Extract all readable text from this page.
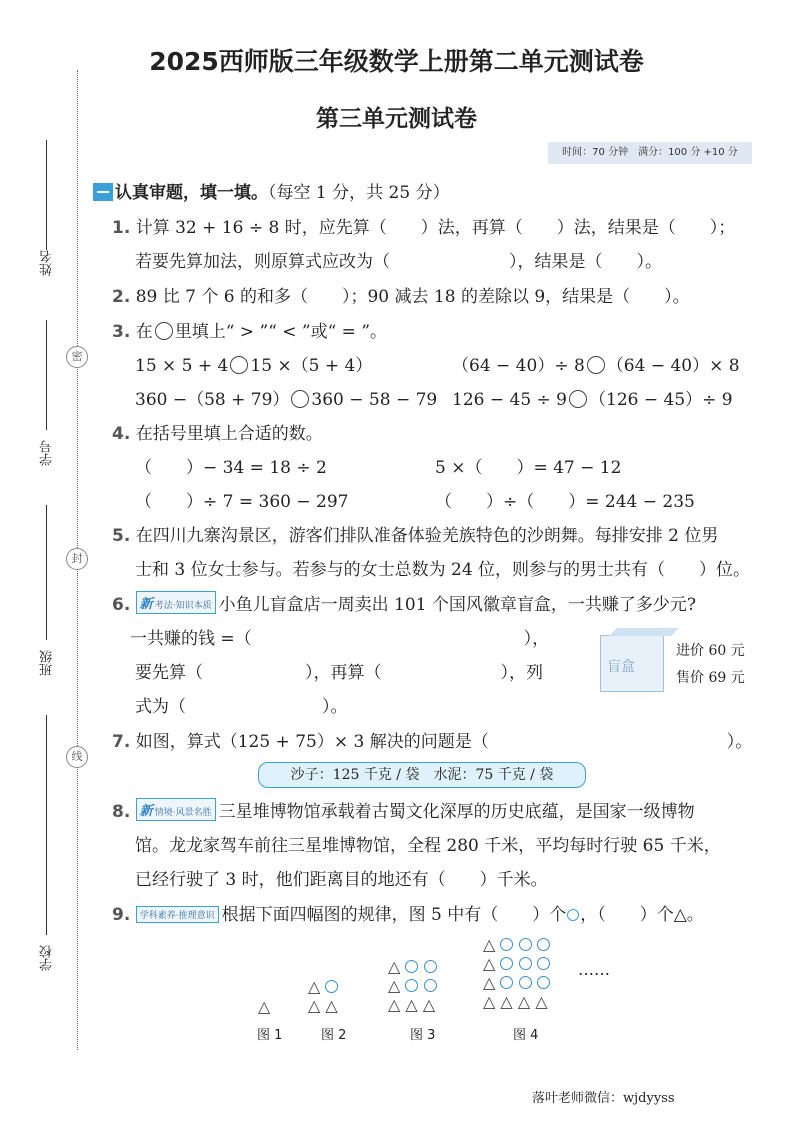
2025西师版三年级数学上册第二单元测试卷
第三单元测试卷
时间：70 分钟　满分：100 分 +10 分
姓名
学号
班级
学校
密
封
线
认真审题，填一填。（每空 1 分，共 25 分）
1. 计算 32 + 16 ÷ 8 时，应先算（　　）法，再算（　　）法，结果是（　　）；
若要先算加法，则原算式应改为（　　　　　　　），结果是（　　）。
2. 89 比 7 个 6 的和多（　　）；90 减去 18 的差除以 9，结果是（　　）。
3. 在 里填上“ > ”“ < ”或“ = ”。
15 × 5 + 4 15 ×（5 + 4）	（64 − 40）÷ 8 （64 − 40）× 8
360 −（58 + 79） 360 − 58 − 79 126 − 45 ÷ 9 （126 − 45）÷ 9
4. 在括号里填上合适的数。
（　　）− 34 = 18 ÷ 2	5 ×（　　）= 47 − 12
（　　）÷ 7 = 360 − 297	（　　）÷（　　）= 244 − 235
5. 在四川九寨沟景区，游客们排队准备体验羌族特色的沙朗舞。每排安排 2 位男
士和 3 位女士参与。若参与的女士总数为 24 位，则参与的男士共有（　　）位。
6. 新 考法·知识本质 小鱼儿盲盒店一周卖出 101 个国风徽章盲盒，一共赚了多少元?
一共赚的钱 =（　　　　　　　　　　　　　　　　），
要先算（　　　　　　），再算（　　　　　　　），列
式为（　　　　　　　　）。
盲盒
进价 60 元
售价 69 元
7. 如图，算式（125 + 75）× 3 解决的问题是（　　　　　　　　　　　　　　）。
沙子：125 千克 / 袋　水泥：75 千克 / 袋
8. 新 情境·风景名胜 三星堆博物馆承载着古蜀文化深厚的历史底蕴，是国家一级博物
馆。龙龙家驾车前往三星堆博物馆，全程 280 千米，平均每时行驶 65 千米，
已经行驶了 3 时，他们距离目的地还有（　　）千米。
9. 学科素养·推理意识 根据下面四幅图的规律，图 5 中有（　　）个 ，（　　）个△。
△
△
△ △
△
△
△ △ △
△
△
△
△ △ △ △
……
图 1	图 2	图 3	图 4
落叶老师微信：wjdyyss
